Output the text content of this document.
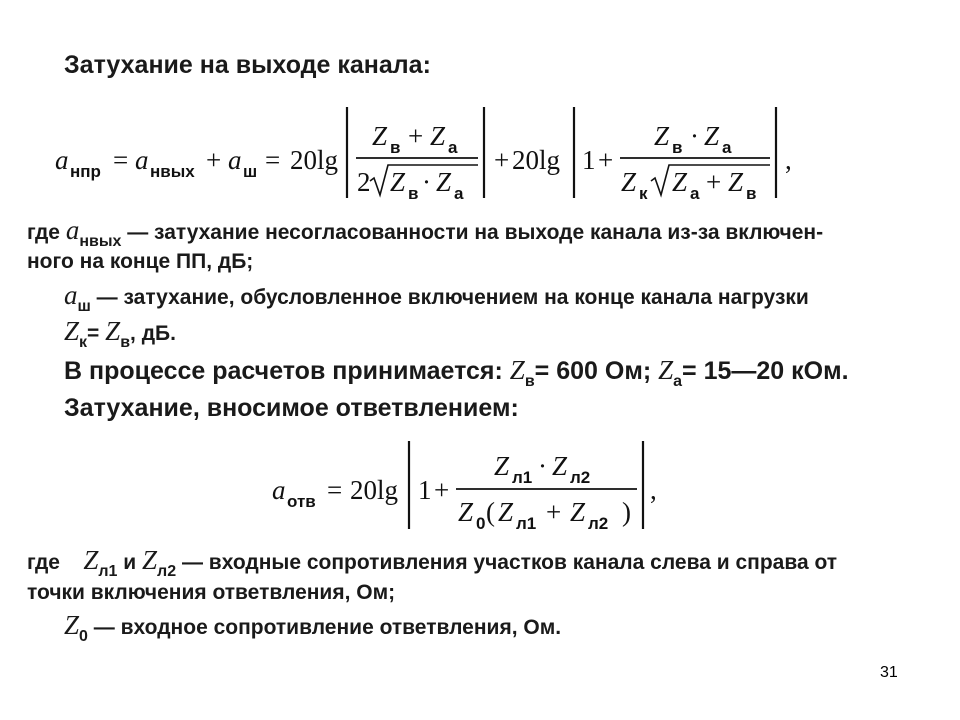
Затухание на выходе канала:
a нпр = a нвых + a ш = 20lg
Z в + Z а
2 Z в · Z а
+ 20lg 1 +
Z в · Z а
Z к Z а + Z в
,
где $a_{нвых}$ — затухание несогласованности на выходе канала из-за включен-
ного на конце ПП, дБ;
$a_ш$ — затухание, обусловленное включением на конце канала нагрузки
$Z_к= Z_в$, дБ.
В процессе расчетов принимается: $Z_в= 600$ Ом; $Z_а=$ 15—20 кОм.
Затухание, вносимое ответвлением:
a отв = 20lg 1 +
Z л1 · Z л2
Z 0 ( Z л1 + Z л2 )
,
где $Z_{л1}$ и $Z_{л2}$ — входные сопротивления участков канала слева и справа от
точки включения ответвления, Ом;
$Z_0$ — входное сопротивление ответвления, Ом.
31
